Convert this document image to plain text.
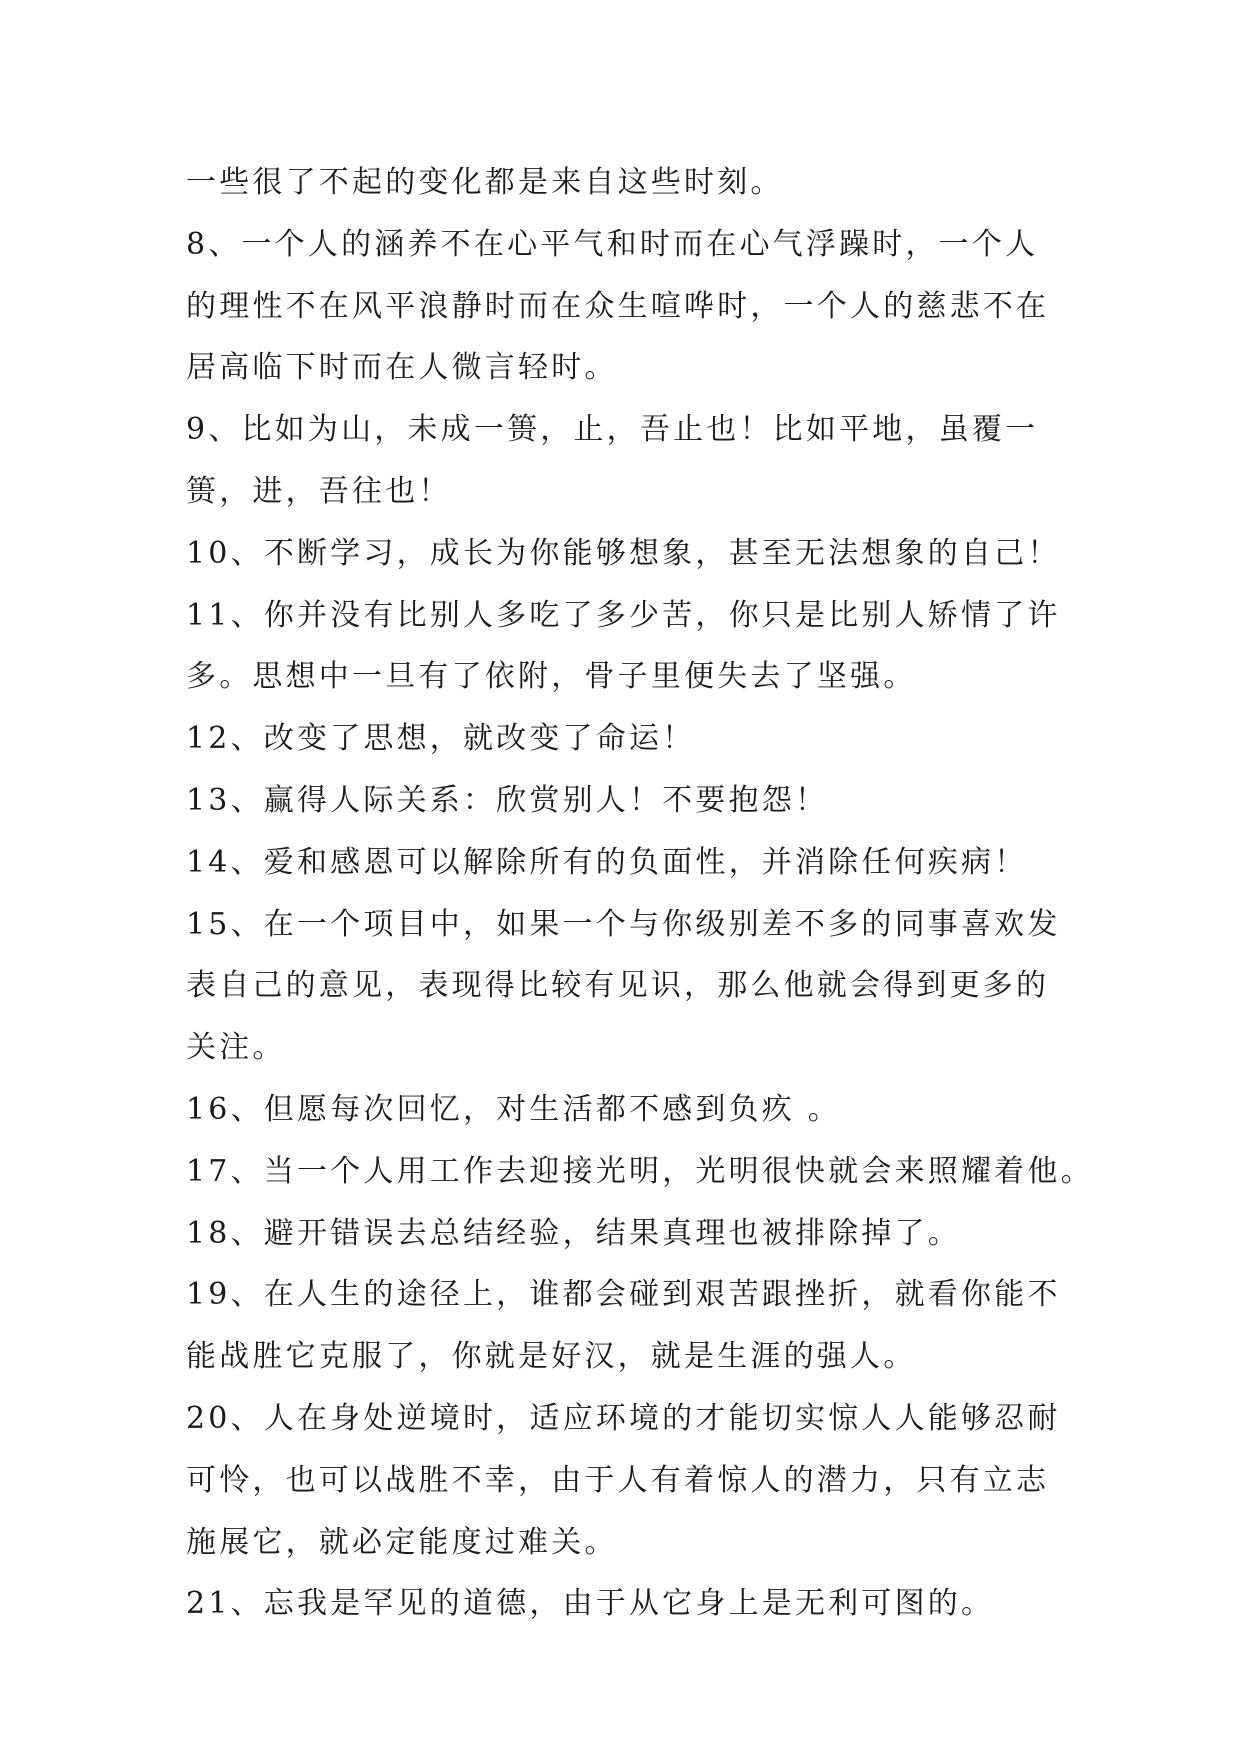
一些很了不起的变化都是来自这些时刻。
8、一个人的涵养不在心平气和时而在心气浮躁时，一个人
的理性不在风平浪静时而在众生喧哗时，一个人的慈悲不在
居高临下时而在人微言轻时。
9、比如为山，未成一篑，止，吾止也！比如平地，虽覆一
篑，进，吾往也！
10、不断学习，成长为你能够想象，甚至无法想象的自己！
11、你并没有比别人多吃了多少苦，你只是比别人矫情了许
多。思想中一旦有了依附，骨子里便失去了坚强。
12、改变了思想，就改变了命运！
13、赢得人际关系：欣赏别人！不要抱怨！
14、爱和感恩可以解除所有的负面性，并消除任何疾病！
15、在一个项目中，如果一个与你级别差不多的同事喜欢发
表自己的意见，表现得比较有见识，那么他就会得到更多的
关注。
16、但愿每次回忆，对生活都不感到负疚 。
17、当一个人用工作去迎接光明，光明很快就会来照耀着他。
18、避开错误去总结经验，结果真理也被排除掉了。
19、在人生的途径上，谁都会碰到艰苦跟挫折，就看你能不
能战胜它克服了，你就是好汉，就是生涯的强人。
20、人在身处逆境时，适应环境的才能切实惊人人能够忍耐
可怜，也可以战胜不幸，由于人有着惊人的潜力，只有立志
施展它，就必定能度过难关。
21、忘我是罕见的道德，由于从它身上是无利可图的。
